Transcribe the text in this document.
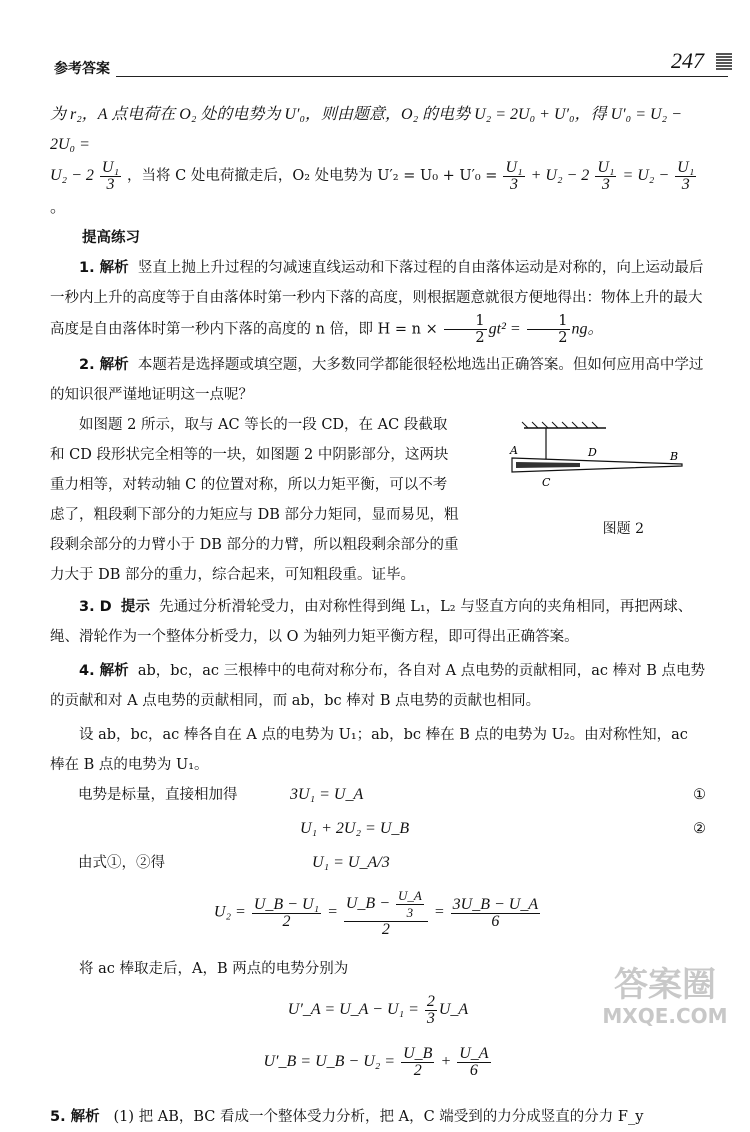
参考答案	247

为 r₂，A 点电荷在 O₂ 处的电势为 U′₀，则由题意，O₂ 的电势 U₂ = 2U₀ + U′₀，得 U′₀ = U₂ − 2U₀ =

$U_2 - 2 \frac{\text{U₁}}{3}$ ，当将 C 处电荷撤走后，O₂ 处电势为 $U'_2 = U_0 + U'_0 = \frac{\text{U₁}}{3} + U_2 - 2 \frac{\text{U₁}}{3} = U_2 - \frac{\text{U₁}}{3}$
。

提高练习

1. 解析 竖直上抛上升过程的匀减速直线运动和下落过程的自由落体运动是对称的，向上运动最后一秒内上升的高度等于自由落体时第一秒内下落的高度，则根据题意就很方便地得出：物体上升的最大高度是自由落体时第一秒内下落的高度的 n 倍，即 $H = n \times \frac{1}{2} gt^2 = \frac{1}{2}$ ng。

2. 解析 本题若是选择题或填空题，大多数同学都能很轻松地选出正确答案。但如何应用高中学过的知识很严谨地证明这一点呢？

A	D	B
C
图题 2

如图题 2 所示，取与 AC 等长的一段 CD，在 AC 段截取和 CD 段形状完全相等的一块，如图题 2 中阴影部分，这两块重力相等，对转动轴 C 的位置对称，所以力矩平衡，可以不考虑了，粗段剩下部分的力矩应与 DB 部分力矩同，显而易见，粗段剩余部分的力臂小于 DB 部分的力臂，所以粗段剩余部分的重力大于 DB 部分的重力，综合起来，可知粗段重。证毕。

3. D 提示 先通过分析滑轮受力，由对称性得到绳 L₁，L₂ 与竖直方向的夹角相同，再把两球、绳、滑轮作为一个整体分析受力，以 O 为轴列力矩平衡方程，即可得出正确答案。

4. 解析 ab，bc，ac 三根棒中的电荷对称分布，各自对 A 点电势的贡献相同，ac 棒对 B 点电势的贡献和对 A 点电势的贡献相同，而 ab，bc 棒对 B 点电势的贡献也相同。

设 ab，bc，ac 棒各自在 A 点的电势为 U₁；ab，bc 棒在 B 点的电势为 U₂。由对称性知，ac 棒在 B 点的电势为 U₁。

电势是标量，直接相加得	3U₁ = U_A	①
U₁ + 2U₂ = U_B	②
由式①，②得	U₁ = U_A/3
$U_2 = \frac{\text{U\_B − U₁}}{2} = \frac{U\_B - \frac{U\_A}{3}}{2} = \frac{3U\_B - U\_A}{6}$

将 ac 棒取走后，A，B 两点的电势分别为

U′_A = U_A − $U_1 = \frac{2}{3}$ U_A
U′_B = U_B − $U_2 = \frac{U\_B}{2} + \frac{U\_A}{6}$

5. 解析 (1) 把 AB，BC 看成一个整体受力分析，把 A，C 端受到的力分成竖直的分力 F_y

答案圈
MXQE.COM
